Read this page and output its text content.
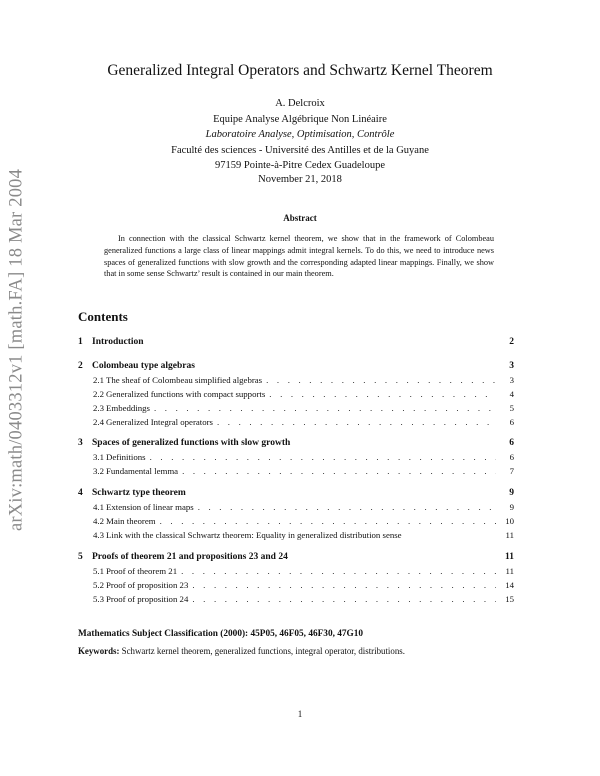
arXiv:math/0403312v1 [math.FA] 18 Mar 2004
Generalized Integral Operators and Schwartz Kernel Theorem
A. Delcroix
Equipe Analyse Algébrique Non Linéaire
Laboratoire Analyse, Optimisation, Contrôle
Faculté des sciences - Université des Antilles et de la Guyane
97159 Pointe-à-Pitre Cedex Guadeloupe
November 21, 2018
Abstract
In connection with the classical Schwartz kernel theorem, we show that in the framework of Colombeau generalized functions a large class of linear mappings admit integral kernels. To do this, we need to introduce news spaces of generalized functions with slow growth and the corresponding adapted linear mappings. Finally, we show that in some sense Schwartz’ result is contained in our main theorem.
Contents
1 Introduction	2
2 Colombeau type algebras	3
2.1 The sheaf of Colombeau simplified algebras . . .	3
2.2 Generalized functions with compact supports . . .	4
2.3 Embeddings . . .	5
2.4 Generalized Integral operators . . .	6
3 Spaces of generalized functions with slow growth	6
3.1 Definitions . . .	6
3.2 Fundamental lemma . . .	7
4 Schwartz type theorem	9
4.1 Extension of linear maps . . .	9
4.2 Main theorem . . .	10
4.3 Link with the classical Schwartz theorem: Equality in generalized distribution sense	11
5 Proofs of theorem 21 and propositions 23 and 24	11
5.1 Proof of theorem 21 . . .	11
5.2 Proof of proposition 23 . . .	14
5.3 Proof of proposition 24 . . .	15
Mathematics Subject Classification (2000): 45P05, 46F05, 46F30, 47G10
Keywords: Schwartz kernel theorem, generalized functions, integral operator, distributions.
1
